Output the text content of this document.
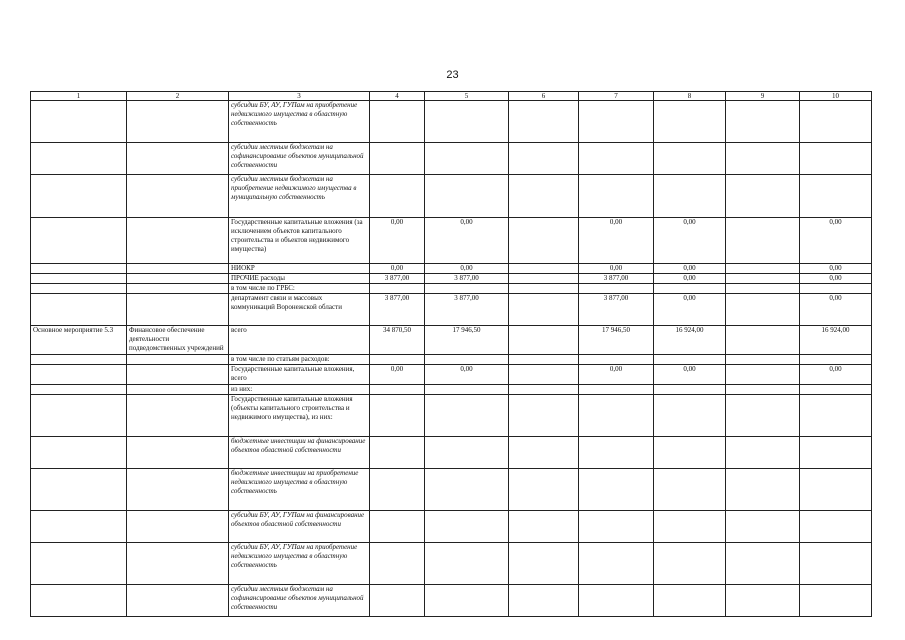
23
1	2	3	4	5	6	7	8	9	10
		субсидии БУ, АУ, ГУПам на приобретение недвижимого имущества в областную собственность							
		субсидии местным бюджетам на софинансирование объектов муниципальной собственности							
		субсидии местным бюджетам на приобретение недвижимого имущества в муниципальную собственность							
		Государственные капитальные вложения (за исключением объектов капитального строительства и объектов недвижимого имущества)	0,00	0,00		0,00	0,00		0,00
		НИОКР	0,00	0,00		0,00	0,00		0,00
		ПРОЧИЕ расходы	3 877,00	3 877,00		3 877,00	0,00		0,00
		в том числе по ГРБС:							
		департамент связи и массовых коммуникаций Воронежской области	3 877,00	3 877,00		3 877,00	0,00		0,00
Основное мероприятие 5.3	Финансовое обеспечение деятельности подведомственных учреждений	всего	34 870,50	17 946,50		17 946,50	16 924,00		16 924,00
		в том числе по статьям расходов:							
		Государственные капитальные вложения, всего	0,00	0,00		0,00	0,00		0,00
		из них:							
		Государственные капитальные вложения (объекты капитального строительства и недвижимого имущества), из них:							
		бюджетные инвестиции на финансирование объектов областной собственности							
		бюджетные инвестиции на приобретение недвижимого имущества в областную собственность							
		субсидии БУ, АУ, ГУПам на финансирование объектов областной собственности							
		субсидии БУ, АУ, ГУПам на приобретение недвижимого имущества в областную собственность							
		субсидии местным бюджетам на софинансирование объектов муниципальной собственности							
